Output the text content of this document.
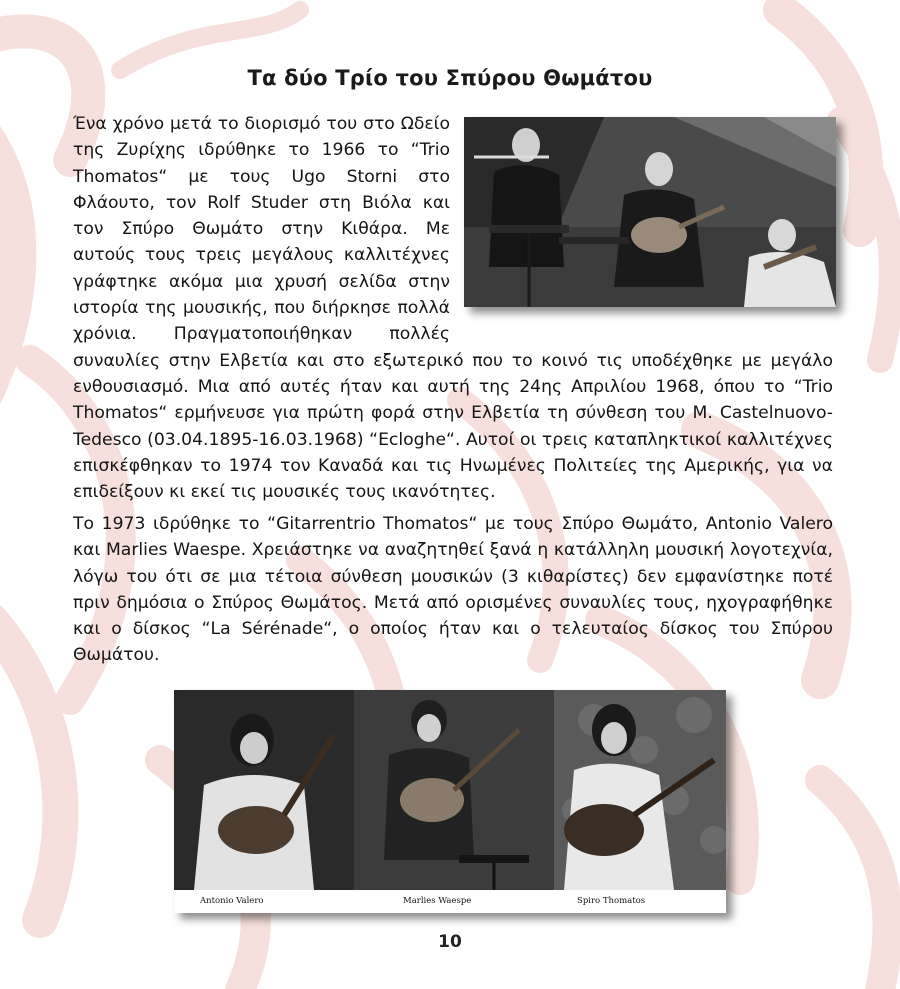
Τα δύο Τρίο του Σπύρου Θωμάτου
Ένα χρόνο μετά το διορισμό του στο Ωδείο της Ζυρίχης ιδρύθηκε το 1966 το “Trio Thomatos“ με τους Ugo Storni στο Φλάουτο, τον Rolf Studer στη Βιόλα και τον Σπύρο Θωμάτο στην Κιθάρα. Με αυτούς τους τρεις μεγάλους καλλιτέχνες γράφτηκε ακόμα μια χρυσή σελίδα στην ιστορία της μουσικής, που διήρκησε πολλά χρόνια. Πραγματοποιήθηκαν πολλές συναυλίες στην Ελβετία και στο εξωτερικό που το κοινό τις υποδέχθηκε με μεγάλο ενθουσιασμό. Μια από αυτές ήταν και αυτή της 24ης Απριλίου 1968, όπου το “Trio Thomatos“ ερμήνευσε για πρώτη φορά στην Ελβετία τη σύνθεση του M. Castelnuovo-Tedesco (03.04.1895-16.03.1968) “Ecloghe“. Αυτοί οι τρεις καταπληκτικοί καλλιτέχνες επισκέφθηκαν το 1974 τον Καναδά και τις Ηνωμένες Πολιτείες της Αμερικής, για να επιδείξουν κι εκεί τις μουσικές τους ικανότητες.
Το 1973 ιδρύθηκε το “Gitarrentrio Thomatos“ με τους Σπύρο Θωμάτο, Antonio Valero και Marlies Waespe. Χρειάστηκε να αναζητηθεί ξανά η κατάλληλη μουσική λογοτεχνία, λόγω του ότι σε μια τέτοια σύνθεση μουσικών (3 κιθαρίστες) δεν εμφανίστηκε ποτέ πριν δημόσια ο Σπύρος Θωμάτος. Μετά από ορισμένες συναυλίες τους, ηχογραφήθηκε και ο δίσκος “La Sérénade“, ο οποίος ήταν και ο τελευταίος δίσκος του Σπύρου Θωμάτου.
Antonio Valero	Marlies Waespe	Spiro Thomatos
10
